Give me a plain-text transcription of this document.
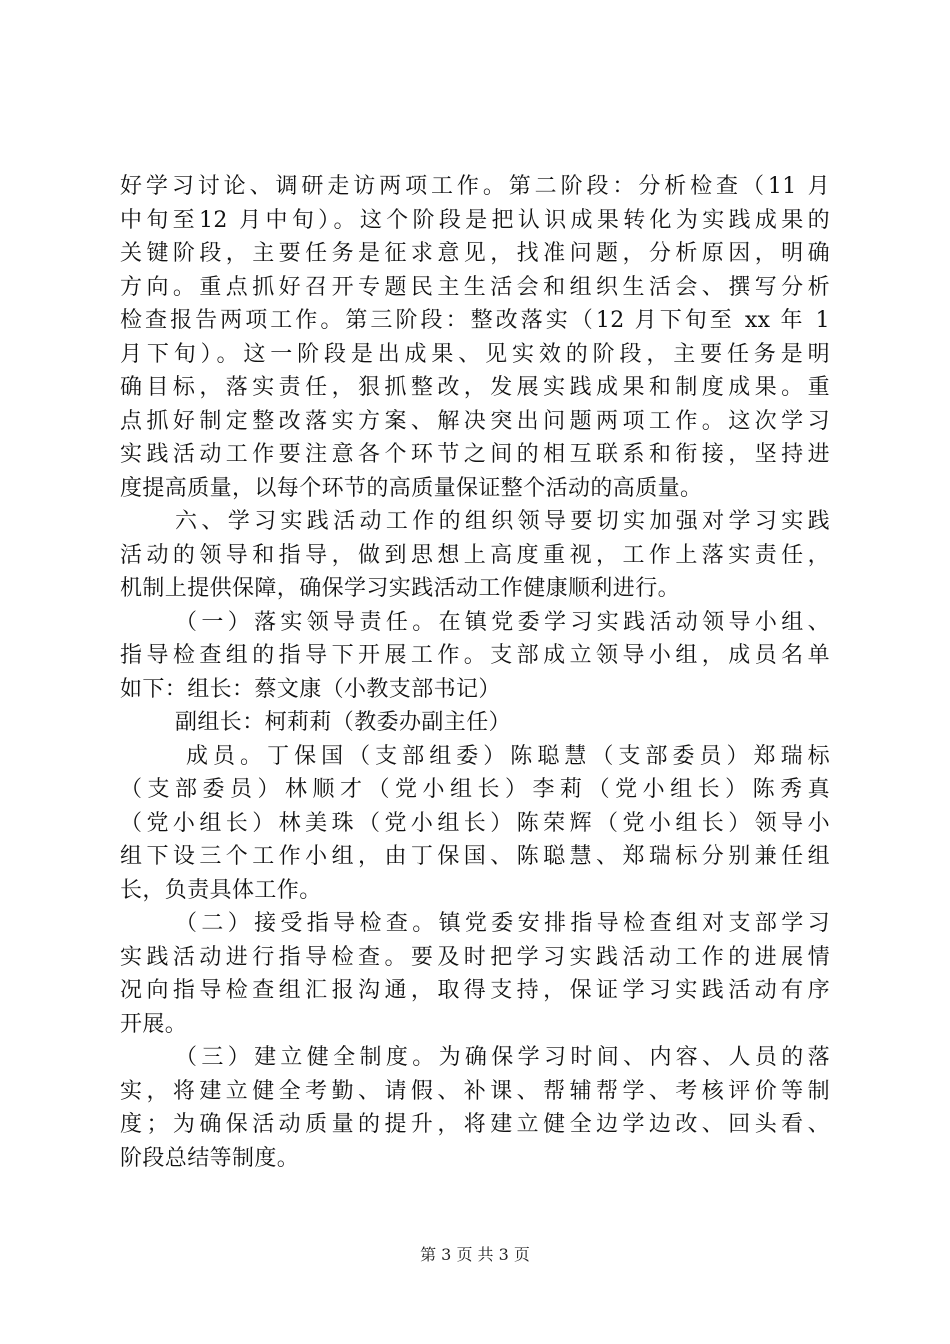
好学习讨论、调研走访两项工作。第二阶段：分析检查（11 月
中旬至12 月中旬）。这个阶段是把认识成果转化为实践成果的
关键阶段，主要任务是征求意见，找准问题，分析原因，明确
方向。重点抓好召开专题民主生活会和组织生活会、撰写分析
检查报告两项工作。第三阶段：整改落实（12 月下旬至 xx 年 1
月下旬）。这一阶段是出成果、见实效的阶段，主要任务是明
确目标，落实责任，狠抓整改，发展实践成果和制度成果。重
点抓好制定整改落实方案、解决突出问题两项工作。这次学习
实践活动工作要注意各个环节之间的相互联系和衔接，坚持进
度提高质量，以每个环节的高质量保证整个活动的高质量。
六、学习实践活动工作的组织领导要切实加强对学习实践
活动的领导和指导，做到思想上高度重视，工作上落实责任，
机制上提供保障，确保学习实践活动工作健康顺利进行。
（一）落实领导责任。在镇党委学习实践活动领导小组、
指导检查组的指导下开展工作。支部成立领导小组，成员名单
如下：组长：蔡文康（小教支部书记）
副组长：柯莉莉（教委办副主任）
成员。丁保国（支部组委）陈聪慧（支部委员）郑瑞标
（支部委员）林顺才（党小组长）李莉（党小组长）陈秀真
（党小组长）林美珠（党小组长）陈荣辉（党小组长）领导小
组下设三个工作小组，由丁保国、陈聪慧、郑瑞标分别兼任组
长，负责具体工作。
（二）接受指导检查。镇党委安排指导检查组对支部学习
实践活动进行指导检查。要及时把学习实践活动工作的进展情
况向指导检查组汇报沟通，取得支持，保证学习实践活动有序
开展。
（三）建立健全制度。为确保学习时间、内容、人员的落
实，将建立健全考勤、请假、补课、帮辅帮学、考核评价等制
度；为确保活动质量的提升，将建立健全边学边改、回头看、
阶段总结等制度。
第 3 页 共 3 页
